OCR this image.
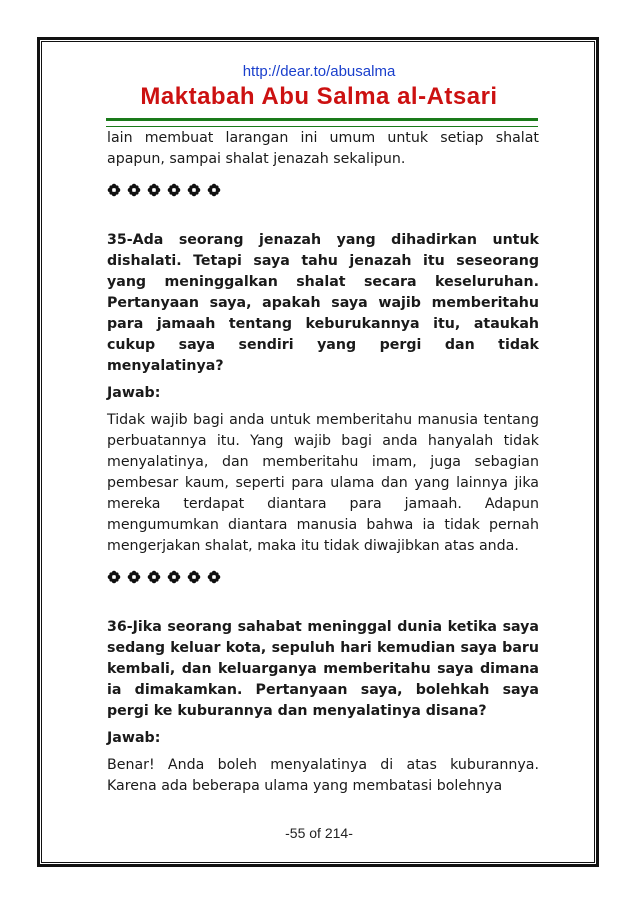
http://dear.to/abusalma
Maktabah Abu Salma al-Atsari

lain membuat larangan ini umum untuk setiap shalat apapun, sampai shalat jenazah sekalipun.

35-Ada seorang jenazah yang dihadirkan untuk dishalati. Tetapi saya tahu jenazah itu seseorang yang meninggalkan shalat secara keseluruhan. Pertanyaan saya, apakah saya wajib memberitahu para jamaah tentang keburukannya itu, ataukah cukup saya sendiri yang pergi dan tidak menyalatinya?

Jawab:

Tidak wajib bagi anda untuk memberitahu manusia tentang perbuatannya itu. Yang wajib bagi anda hanyalah tidak menyalatinya, dan memberitahu imam, juga sebagian pembesar kaum, seperti para ulama dan yang lainnya jika mereka terdapat diantara para jamaah. Adapun mengumumkan diantara manusia bahwa ia tidak pernah mengerjakan shalat, maka itu tidak diwajibkan atas anda.

36-Jika seorang sahabat meninggal dunia ketika saya sedang keluar kota, sepuluh hari kemudian saya baru kembali, dan keluarganya memberitahu saya dimana ia dimakamkan. Pertanyaan saya, bolehkah saya pergi ke kuburannya dan menyalatinya disana?

Jawab:

Benar! Anda boleh menyalatinya di atas kuburannya. Karena ada beberapa ulama yang membatasi bolehnya

-55 of 214-
